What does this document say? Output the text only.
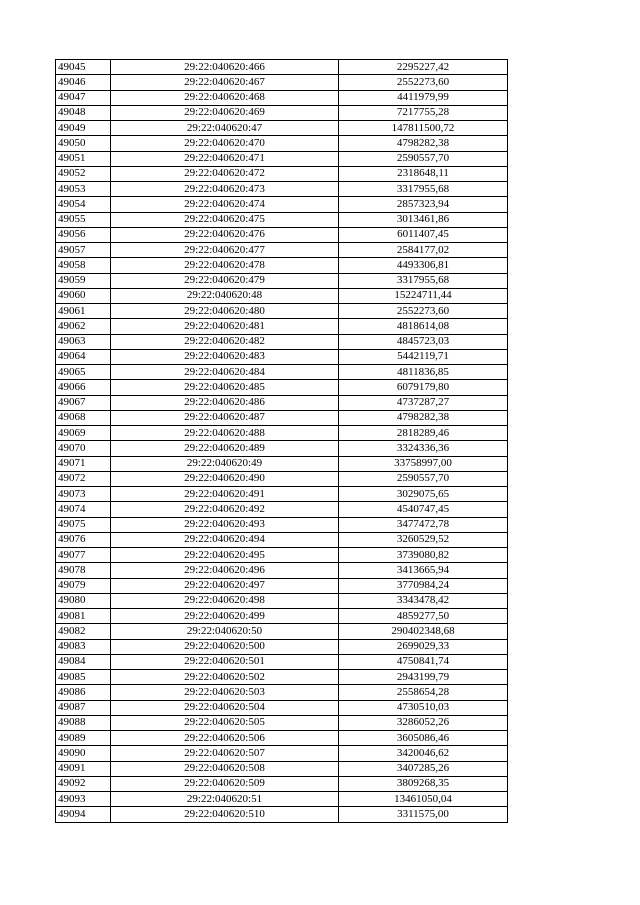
49045	29:22:040620:466	2295227,42
49046	29:22:040620:467	2552273,60
49047	29:22:040620:468	4411979,99
49048	29:22:040620:469	7217755,28
49049	29:22:040620:47	147811500,72
49050	29:22:040620:470	4798282,38
49051	29:22:040620:471	2590557,70
49052	29:22:040620:472	2318648,11
49053	29:22:040620:473	3317955,68
49054	29:22:040620:474	2857323,94
49055	29:22:040620:475	3013461,86
49056	29:22:040620:476	6011407,45
49057	29:22:040620:477	2584177,02
49058	29:22:040620:478	4493306,81
49059	29:22:040620:479	3317955,68
49060	29:22:040620:48	15224711,44
49061	29:22:040620:480	2552273,60
49062	29:22:040620:481	4818614,08
49063	29:22:040620:482	4845723,03
49064	29:22:040620:483	5442119,71
49065	29:22:040620:484	4811836,85
49066	29:22:040620:485	6079179,80
49067	29:22:040620:486	4737287,27
49068	29:22:040620:487	4798282,38
49069	29:22:040620:488	2818289,46
49070	29:22:040620:489	3324336,36
49071	29:22:040620:49	33758997,00
49072	29:22:040620:490	2590557,70
49073	29:22:040620:491	3029075,65
49074	29:22:040620:492	4540747,45
49075	29:22:040620:493	3477472,78
49076	29:22:040620:494	3260529,52
49077	29:22:040620:495	3739080,82
49078	29:22:040620:496	3413665,94
49079	29:22:040620:497	3770984,24
49080	29:22:040620:498	3343478,42
49081	29:22:040620:499	4859277,50
49082	29:22:040620:50	290402348,68
49083	29:22:040620:500	2699029,33
49084	29:22:040620:501	4750841,74
49085	29:22:040620:502	2943199,79
49086	29:22:040620:503	2558654,28
49087	29:22:040620:504	4730510,03
49088	29:22:040620:505	3286052,26
49089	29:22:040620:506	3605086,46
49090	29:22:040620:507	3420046,62
49091	29:22:040620:508	3407285,26
49092	29:22:040620:509	3809268,35
49093	29:22:040620:51	13461050,04
49094	29:22:040620:510	3311575,00
